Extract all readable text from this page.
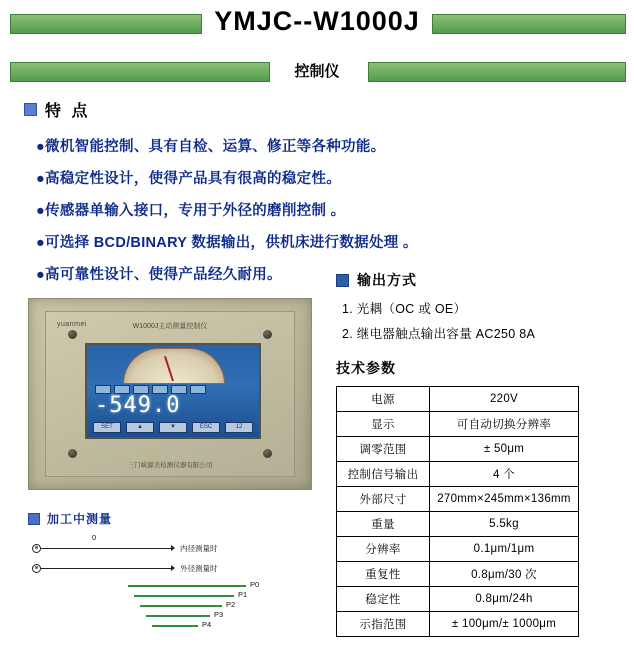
YMJC--W1000J
控制仪
特 点
●微机智能控制、具有自检、运算、修正等各种功能。
●高稳定性设计，使得产品具有很高的稳定性。
●传感器单输入接口，专用于外径的磨削控制 。
●可选择 BCD/BINARY 数据输出，供机床进行数据处理 。
●高可靠性设计、使得产品经久耐用。
yuanmei	W1000J主动测量控制仪
-549.0
SET	▲	▼	ESC	12
三门峡源美检测仪器有限公司
加工中测量
0
⊕	内径测量时
⊕	外径测量时
P0
P1
P2
P3
P4
输出方式
1. 光耦（OC 或 OE）
2. 继电器触点输出容量 AC250 8A
技术参数
电源	220V
显示	可自动切换分辨率
调零范围	± 50μm
控制信号输出	4 个
外部尺寸	270mm×245mm×136mm
重量	5.5kg
分辨率	0.1μm/1μm
重复性	0.8μm/30 次
稳定性	0.8μm/24h
示指范围	± 100μm/± 1000μm
